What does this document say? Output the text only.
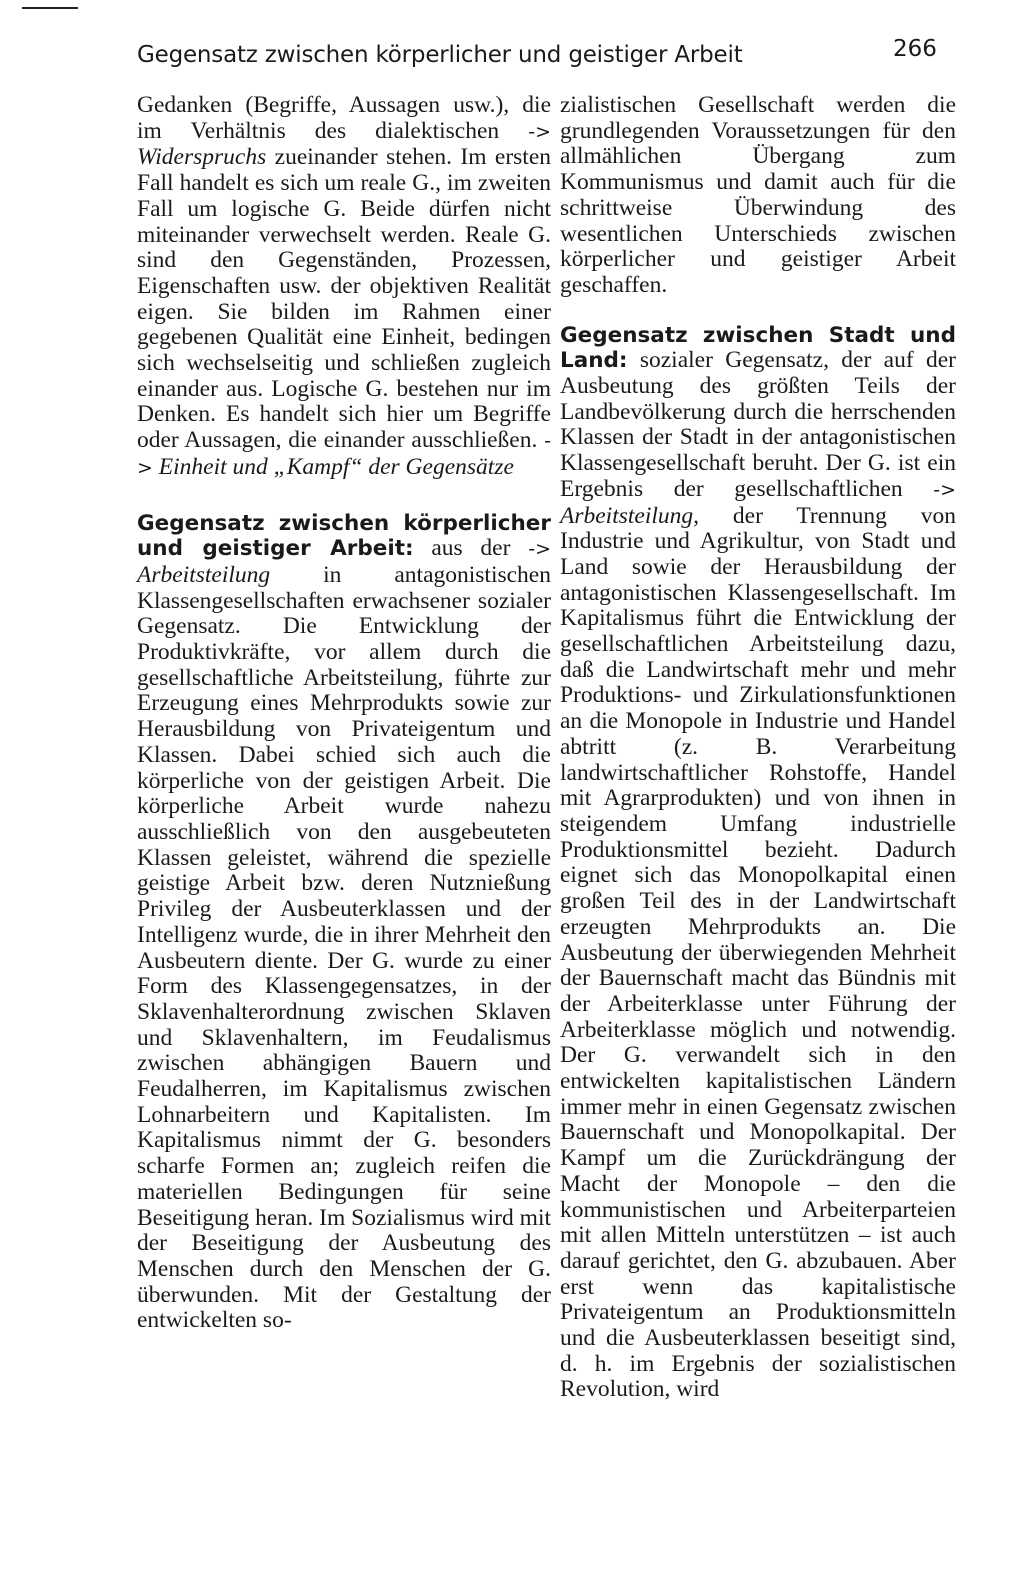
Gegensatz zwischen körperlicher und geistiger Arbeit	266

Gedanken (Begriffe, Aussagen usw.), die im Verhältnis des dialektischen -> Widerspruchs zueinander stehen. Im ersten Fall handelt es sich um reale G., im zweiten Fall um logische G. Beide dürfen nicht miteinander verwechselt werden. Reale G. sind den Gegenständen, Prozessen, Eigenschaften usw. der objektiven Realität eigen. Sie bilden im Rahmen einer gegebenen Qualität eine Einheit, bedingen sich wechselseitig und schließen zugleich einander aus. Logische G. bestehen nur im Denken. Es handelt sich hier um Begriffe oder Aussagen, die einander ausschließen. -> Einheit und „Kampf“ der Gegensätze

Gegensatz zwischen körperlicher und geistiger Arbeit: aus der -> Arbeitsteilung in antagonistischen Klassengesellschaften erwachsener sozialer Gegensatz. Die Entwicklung der Produktivkräfte, vor allem durch die gesellschaftliche Arbeitsteilung, führte zur Erzeugung eines Mehrprodukts sowie zur Herausbildung von Privateigentum und Klassen. Dabei schied sich auch die körperliche von der geistigen Arbeit. Die körperliche Arbeit wurde nahezu ausschließlich von den ausgebeuteten Klassen geleistet, während die spezielle geistige Arbeit bzw. deren Nutznießung Privileg der Ausbeuterklassen und der Intelligenz wurde, die in ihrer Mehrheit den Ausbeutern diente. Der G. wurde zu einer Form des Klassengegensatzes, in der Sklavenhalterordnung zwischen Sklaven und Sklavenhaltern, im Feudalismus zwischen abhängigen Bauern und Feudalherren, im Kapitalismus zwischen Lohnarbeitern und Kapitalisten. Im Kapitalismus nimmt der G. besonders scharfe Formen an; zugleich reifen die materiellen Bedingungen für seine Beseitigung heran. Im Sozialismus wird mit der Beseitigung der Ausbeutung des Menschen durch den Menschen der G. überwunden. Mit der Gestaltung der entwickelten so-

zialistischen Gesellschaft werden die grundlegenden Voraussetzungen für den allmählichen Übergang zum Kommunismus und damit auch für die schrittweise Überwindung des wesentlichen Unterschieds zwischen körperlicher und geistiger Arbeit geschaffen.

Gegensatz zwischen Stadt und Land: sozialer Gegensatz, der auf der Ausbeutung des größten Teils der Landbevölkerung durch die herrschenden Klassen der Stadt in der antagonistischen Klassengesellschaft beruht. Der G. ist ein Ergebnis der gesellschaftlichen -> Arbeitsteilung, der Trennung von Industrie und Agrikultur, von Stadt und Land sowie der Herausbildung der antagonistischen Klassengesellschaft. Im Kapitalismus führt die Entwicklung der gesellschaftlichen Arbeitsteilung dazu, daß die Landwirtschaft mehr und mehr Produktions- und Zirkulationsfunktionen an die Monopole in Industrie und Handel abtritt (z. B. Verarbeitung landwirtschaftlicher Rohstoffe, Handel mit Agrarprodukten) und von ihnen in steigendem Umfang industrielle Produktionsmittel bezieht. Dadurch eignet sich das Monopolkapital einen großen Teil des in der Landwirtschaft erzeugten Mehrprodukts an. Die Ausbeutung der überwiegenden Mehrheit der Bauernschaft macht das Bündnis mit der Arbeiterklasse unter Führung der Arbeiterklasse möglich und notwendig. Der G. verwandelt sich in den entwickelten kapitalistischen Ländern immer mehr in einen Gegensatz zwischen Bauernschaft und Monopolkapital. Der Kampf um die Zurückdrängung der Macht der Monopole – den die kommunistischen und Arbeiterparteien mit allen Mitteln unterstützen – ist auch darauf gerichtet, den G. abzubauen. Aber erst wenn das kapitalistische Privateigentum an Produktionsmitteln und die Ausbeuterklassen beseitigt sind, d. h. im Ergebnis der sozialistischen Revolution, wird
